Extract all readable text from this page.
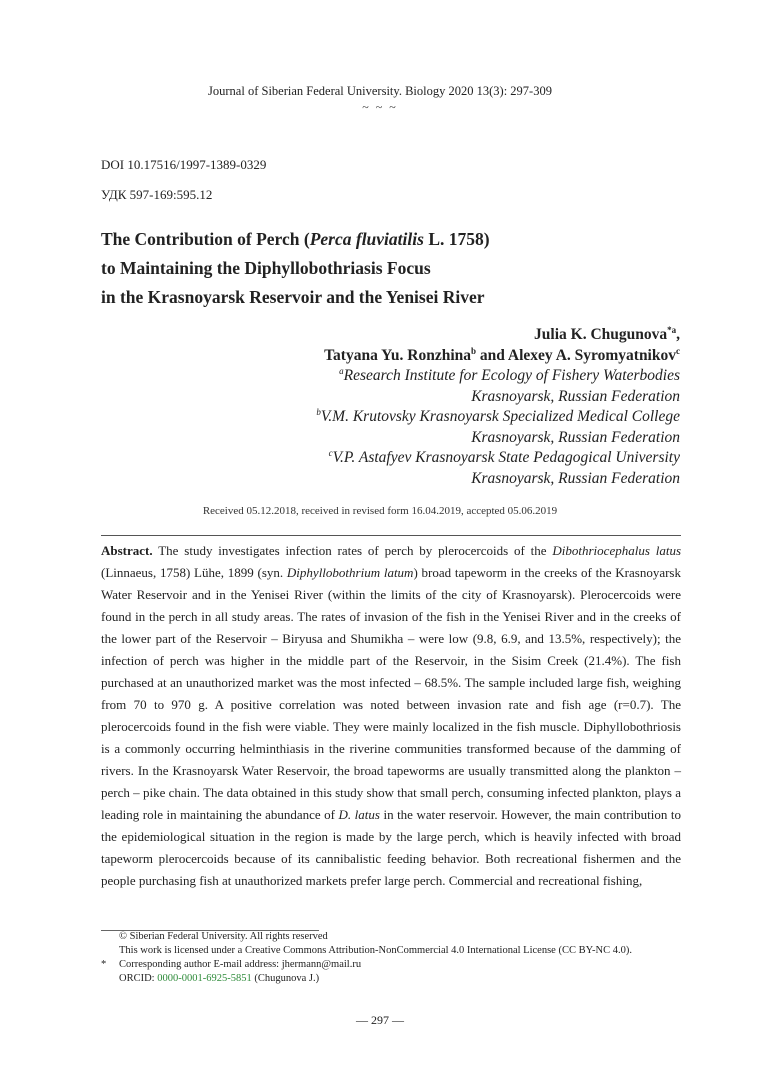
Journal of Siberian Federal University. Biology 2020 13(3): 297-309
~ ~ ~
DOI 10.17516/1997-1389-0329
УДК 597-169:595.12
The Contribution of Perch (Perca fluviatilis L. 1758)
to Maintaining the Diphyllobothriasis Focus
in the Krasnoyarsk Reservoir and the Yenisei River
Julia K. Chugunova$^{*a}$,
Tatyana Yu. Ronzhina$^b$ and Alexey A. Syromyatnikov$^c$
$^a$Research Institute for Ecology of Fishery Waterbodies
Krasnoyarsk, Russian Federation
$^b$V.M. Krutovsky Krasnoyarsk Specialized Medical College
Krasnoyarsk, Russian Federation
$^c$V.P. Astafyev Krasnoyarsk State Pedagogical University
Krasnoyarsk, Russian Federation
Received 05.12.2018, received in revised form 16.04.2019, accepted 05.06.2019
Abstract. The study investigates infection rates of perch by plerocercoids of the Dibothriocephalus latus (Linnaeus, 1758) Lühe, 1899 (syn. Diphyllobothrium latum) broad tapeworm in the creeks of the Krasnoyarsk Water Reservoir and in the Yenisei River (within the limits of the city of Krasnoyarsk). Plerocercoids were found in the perch in all study areas. The rates of invasion of the fish in the Yenisei River and in the creeks of the lower part of the Reservoir – Biryusa and Shumikha – were low (9.8, 6.9, and 13.5%, respectively); the infection of perch was higher in the middle part of the Reservoir, in the Sisim Creek (21.4%). The fish purchased at an unauthorized market was the most infected – 68.5%. The sample included large fish, weighing from 70 to 970 g. A positive correlation was noted between invasion rate and fish age (r=0.7). The plerocercoids found in the fish were viable. They were mainly localized in the fish muscle. Diphyllobothriosis is a commonly occurring helminthiasis in the riverine communities transformed because of the damming of rivers. In the Krasnoyarsk Water Reservoir, the broad tapeworms are usually transmitted along the plankton – perch – pike chain. The data obtained in this study show that small perch, consuming infected plankton, plays a leading role in maintaining the abundance of D. latus in the water reservoir. However, the main contribution to the epidemiological situation in the region is made by the large perch, which is heavily infected with broad tapeworm plerocercoids because of its cannibalistic feeding behavior. Both recreational fishermen and the people purchasing fish at unauthorized markets prefer large perch. Commercial and recreational fishing,
© Siberian Federal University. All rights reserved
This work is licensed under a Creative Commons Attribution-NonCommercial 4.0 International License (CC BY-NC 4.0).
* Corresponding author E-mail address: jhermann@mail.ru
ORCID: 0000-0001-6925-5851 (Chugunova J.)
— 297 —
